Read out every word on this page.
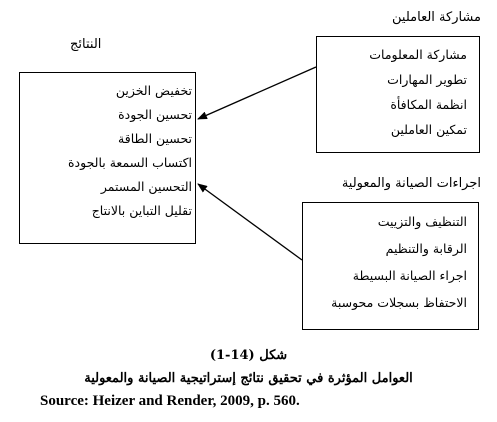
النتائج
تخفيض الخزين
تحسين الجودة
تحسين الطاقة
اكتساب السمعة بالجودة
التحسين المستمر
تقليل التباين بالانتاج
مشاركة العاملين
مشاركة المعلومات
تطوير المهارات
انظمة المكافأة
تمكين العاملين
اجراءات الصيانة والمعولية
التنظيف والتزييت
الرقابة والتنظيم
اجراء الصيانة البسيطة
الاحتفاظ بسجلات محوسبة
شكل (14-1)
العوامل المؤثرة في تحقيق نتائج إستراتيجية الصيانة والمعولية
Source: Heizer and Render, 2009, p. 560.
